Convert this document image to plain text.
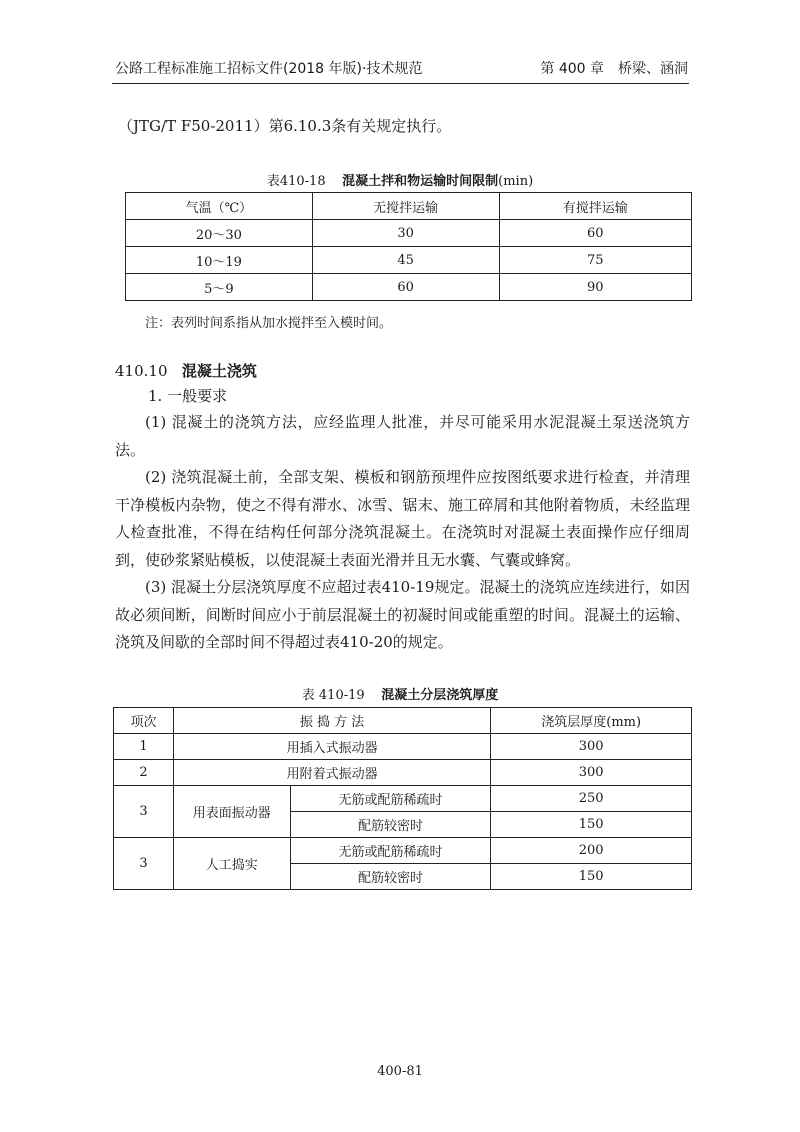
公路工程标准施工招标文件(2018 年版)·技术规范	第 400 章　桥梁、涵洞
（JTG/T F50-2011）第6.10.3条有关规定执行。
表410-18 混凝土拌和物运输时间限制(min)
气温（℃）	无搅拌运输	有搅拌运输
20～30	30	60
10～19	45	75
5～9	60	90
注：表列时间系指从加水搅拌至入模时间。
410.10 混凝土浇筑
1. 一般要求
(1) 混凝土的浇筑方法，应经监理人批准，并尽可能采用水泥混凝土泵送浇筑方法。
(2) 浇筑混凝土前，全部支架、模板和钢筋预埋件应按图纸要求进行检查，并清理干净模板内杂物，使之不得有滞水、冰雪、锯末、施工碎屑和其他附着物质，未经监理人检查批准，不得在结构任何部分浇筑混凝土。在浇筑时对混凝土表面操作应仔细周到，使砂浆紧贴模板，以使混凝土表面光滑并且无水囊、气囊或蜂窝。
(3) 混凝土分层浇筑厚度不应超过表410-19规定。混凝土的浇筑应连续进行，如因故必须间断，间断时间应小于前层混凝土的初凝时间或能重塑的时间。混凝土的运输、浇筑及间歇的全部时间不得超过表410-20的规定。
表 410-19 混凝土分层浇筑厚度
项次	振 捣 方 法		浇筑层厚度(mm)
1	用插入式振动器		300
2	用附着式振动器		300
3	用表面振动器	无筋或配筋稀疏时	250
		配筋较密时	150
3	人工捣实	无筋或配筋稀疏时	200
		配筋较密时	150
400-81
